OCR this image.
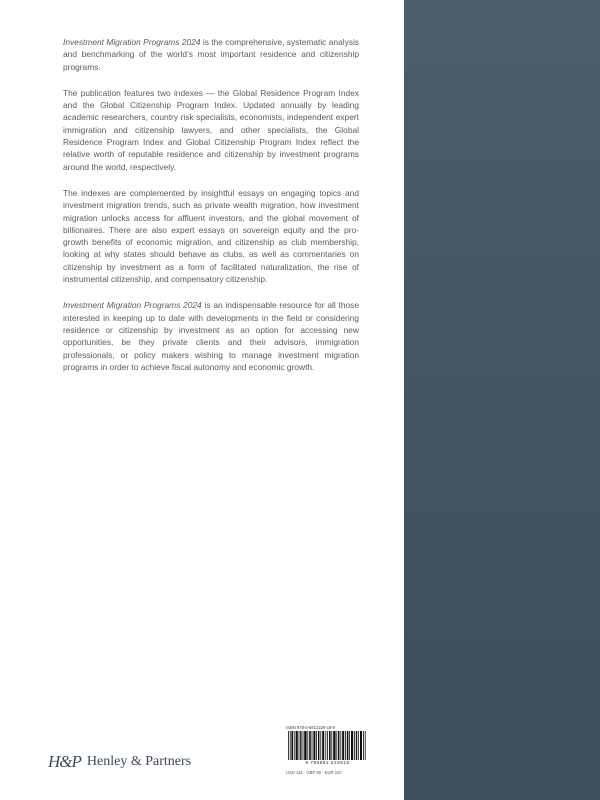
Investment Migration Programs 2024 is the comprehensive, systematic analysis and benchmarking of the world’s most important residence and citizenship programs.

The publication features two indexes — the Global Residence Program Index and the Global Citizenship Program Index. Updated annually by leading academic researchers, country risk specialists, economists, independent expert immigration and citizenship lawyers, and other specialists, the Global Residence Program Index and Global Citizenship Program Index reflect the relative worth of reputable residence and citizenship by investment programs around the world, respectively.

The indexes are complemented by insightful essays on engaging topics and investment migration trends, such as private wealth migration, how investment migration unlocks access for affluent investors, and the global movement of billionaires. There are also expert essays on sovereign equity and the pro-growth benefits of economic migration, and citizenship as club membership, looking at why states should behave as clubs, as well as commentaries on citizenship by investment as a form of facilitated naturalization, the rise of instrumental citizenship, and compensatory citizenship.

Investment Migration Programs 2024 is an indispensable resource for all those interested in keeping up to date with developments in the field or considering residence or citizenship by investment as an option for accessing new opportunities, be they private clients and their advisors, immigration professionals, or policy makers wishing to manage investment migration programs in order to achieve fiscal autonomy and economic growth.

ISBN 978-0-6812226-18-0
9 780681 222618
USD 115 · GBP 90 · EUR 110
H&P Henley & Partners
